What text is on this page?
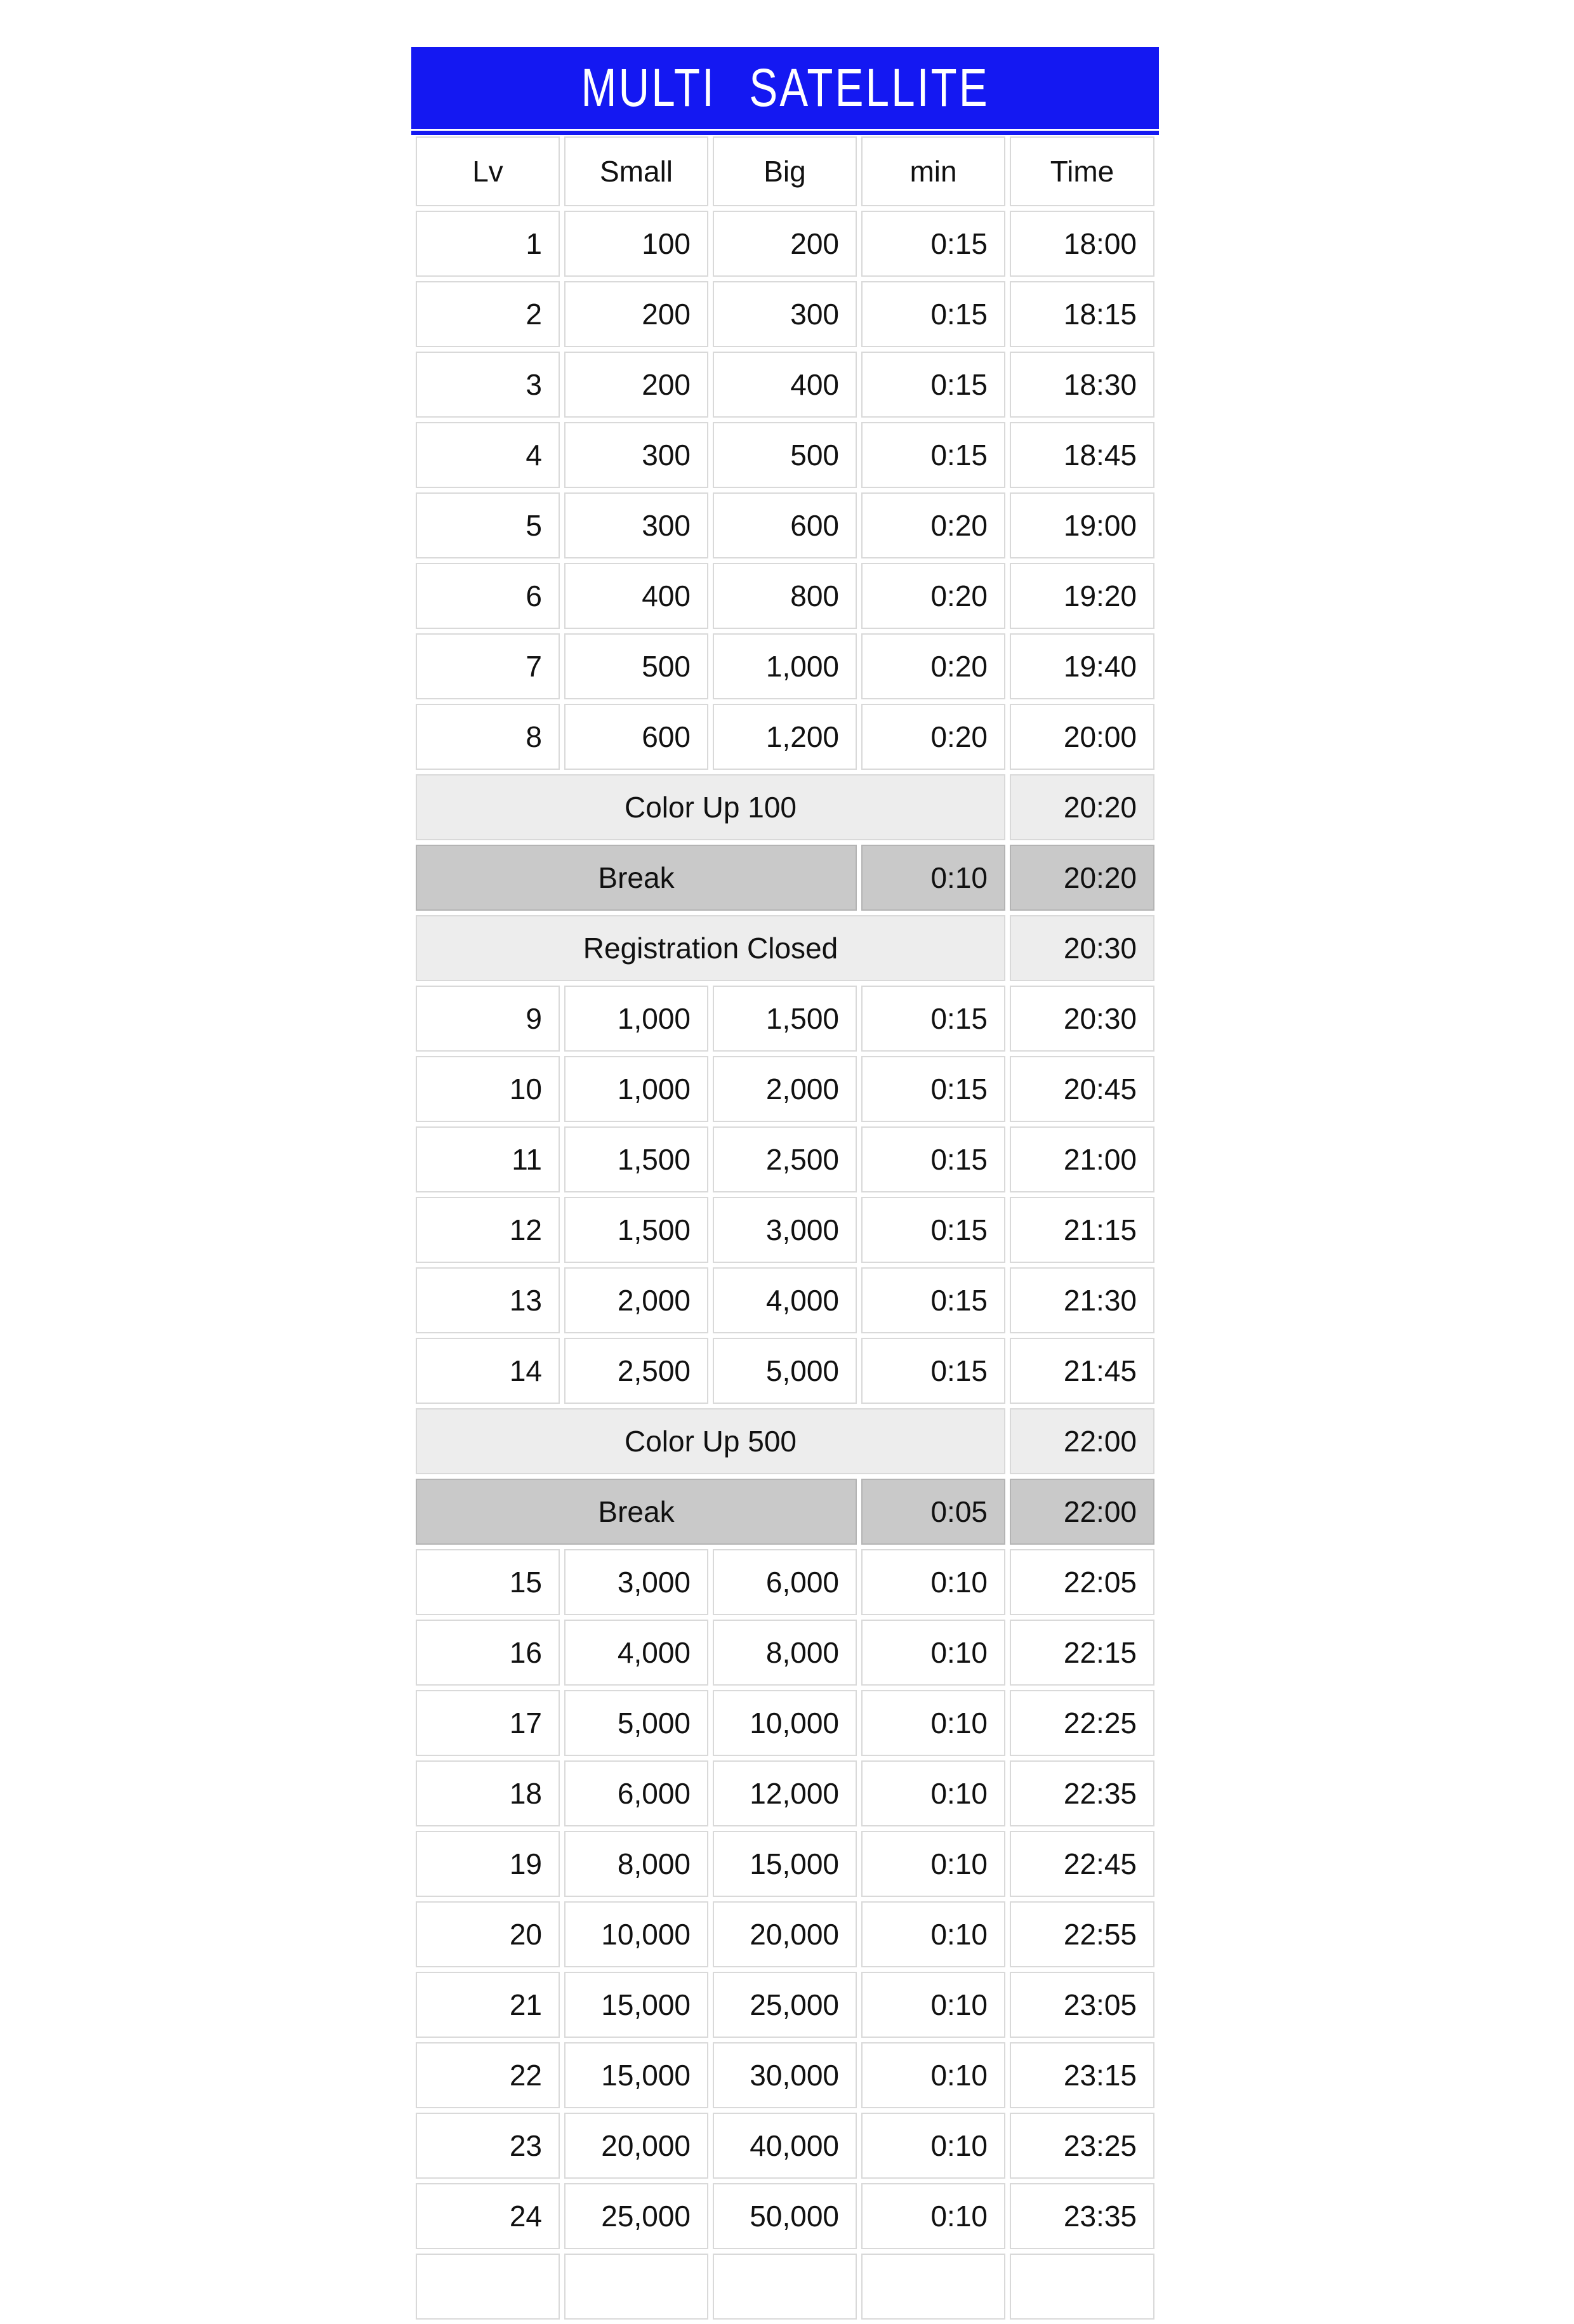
MULTI SATELLITE
Lv	Small	Big	min	Time
1	100	200	0:15	18:00
2	200	300	0:15	18:15
3	200	400	0:15	18:30
4	300	500	0:15	18:45
5	300	600	0:20	19:00
6	400	800	0:20	19:20
7	500	1,000	0:20	19:40
8	600	1,200	0:20	20:00
Color Up 100				20:20
Break			0:10	20:20
Registration Closed				20:30
9	1,000	1,500	0:15	20:30
10	1,000	2,000	0:15	20:45
11	1,500	2,500	0:15	21:00
12	1,500	3,000	0:15	21:15
13	2,000	4,000	0:15	21:30
14	2,500	5,000	0:15	21:45
Color Up 500				22:00
Break			0:05	22:00
15	3,000	6,000	0:10	22:05
16	4,000	8,000	0:10	22:15
17	5,000	10,000	0:10	22:25
18	6,000	12,000	0:10	22:35
19	8,000	15,000	0:10	22:45
20	10,000	20,000	0:10	22:55
21	15,000	25,000	0:10	23:05
22	15,000	30,000	0:10	23:15
23	20,000	40,000	0:10	23:25
24	25,000	50,000	0:10	23:35
